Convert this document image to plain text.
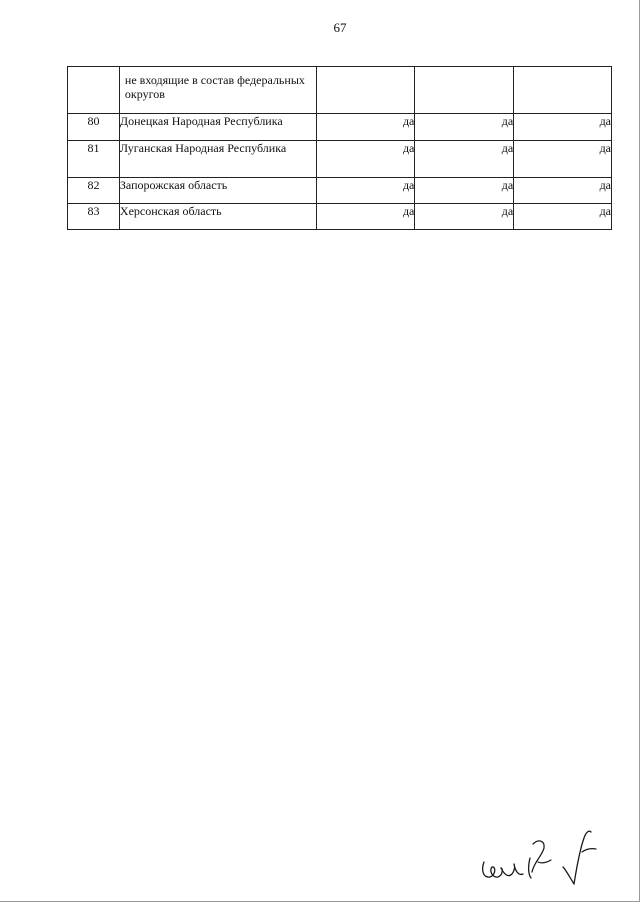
67
	не входящие в состав федеральных округов			
80	Донецкая Народная Республика	да	да	да
81	Луганская Народная Республика	да	да	да
82	Запорожская область	да	да	да
83	Херсонская область	да	да	да
